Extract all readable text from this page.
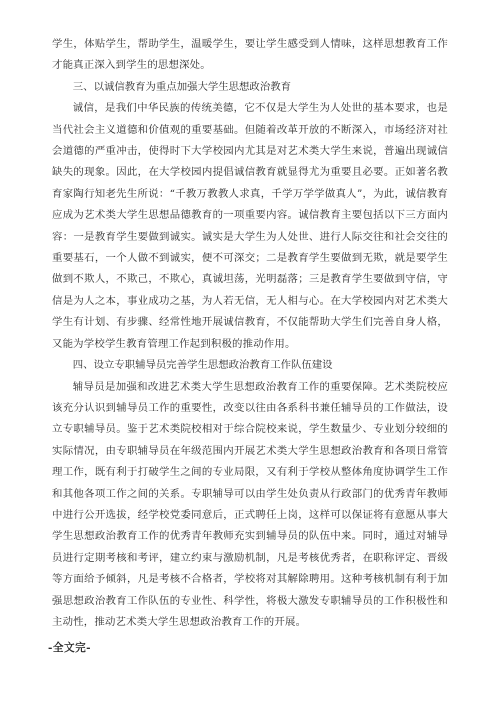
学生，体贴学生，帮助学生，温暖学生，要让学生感受到人情味，这样思想教育工作才能真正深入到学生的思想深处。

三、以诚信教育为重点加强大学生思想政治教育

诚信，是我们中华民族的传统美德，它不仅是大学生为人处世的基本要求，也是当代社会主义道德和价值观的重要基础。但随着改革开放的不断深入，市场经济对社会道德的严重冲击，使得时下大学校园内尤其是对艺术类大学生来说，普遍出现诚信缺失的现象。因此，在大学校园内提倡诚信教育就显得尤为重要且必要。正如著名教育家陶行知老先生所说：“千教万教教人求真，千学万学学做真人”，为此，诚信教育应成为艺术类大学生思想品德教育的一项重要内容。诚信教育主要包括以下三方面内容：一是教育学生要做到诚实。诚实是大学生为人处世、进行人际交往和社会交往的重要基石，一个人做不到诚实，便不可深交；二是教育学生要做到无欺，就是要学生做到不欺人，不欺己，不欺心，真诚坦荡，光明磊落；三是教育学生要做到守信，守信是为人之本，事业成功之基，为人若无信，无人相与心。在大学校园内对艺术类大学生有计划、有步骤、经常性地开展诚信教育，不仅能帮助大学生们完善自身人格，又能为学校学生教育管理工作起到积极的推动作用。

四、设立专职辅导员完善学生思想政治教育工作队伍建设

辅导员是加强和改进艺术类大学生思想政治教育工作的重要保障。艺术类院校应该充分认识到辅导员工作的重要性，改变以往由各系科书兼任辅导员的工作做法，设立专职辅导员。鉴于艺术类院校相对于综合院校来说，学生数量少、专业划分较细的实际情况，由专职辅导员在年级范围内开展艺术类大学生思想政治教育和各项日常管理工作，既有利于打破学生之间的专业局限，又有利于学校从整体角度协调学生工作和其他各项工作之间的关系。专职辅导可以由学生处负责从行政部门的优秀青年教师中进行公开选拔，经学校党委同意后，正式聘任上岗，这样可以保证将有意愿从事大学生思想政治教育工作的优秀青年教师充实到辅导员的队伍中来。同时，通过对辅导员进行定期考核和考评，建立约束与激励机制，凡是考核优秀者，在职称评定、晋级等方面给予倾斜，凡是考核不合格者，学校将对其解除聘用。这种考核机制有利于加强思想政治教育工作队伍的专业性、科学性，将极大激发专职辅导员的工作积极性和主动性，推动艺术类大学生思想政治教育工作的开展。

-全文完-
